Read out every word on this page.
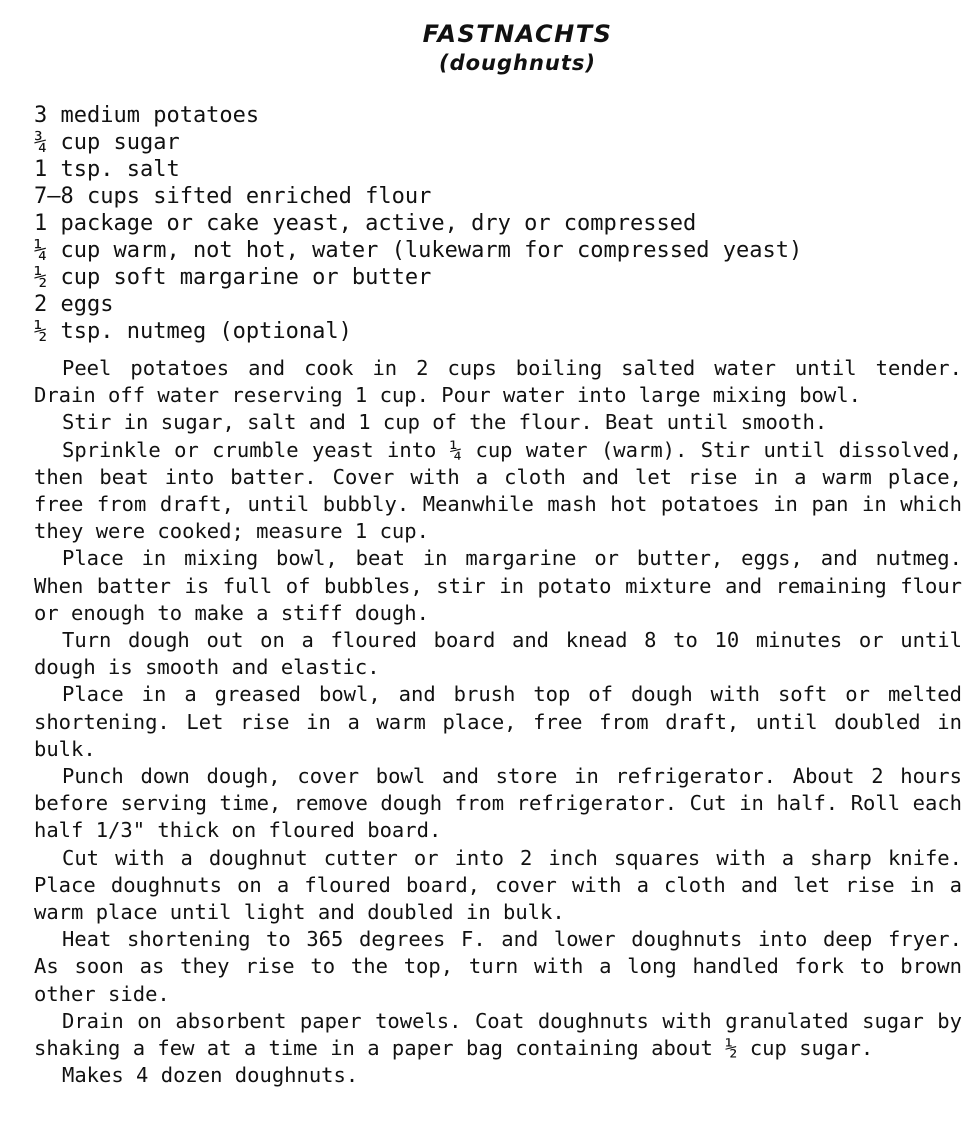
FASTNACHTS
(doughnuts)
3 medium potatoes
¾ cup sugar
1 tsp. salt
7—8 cups sifted enriched flour
1 package or cake yeast, active, dry or compressed
¼ cup warm, not hot, water (lukewarm for compressed yeast)
½ cup soft margarine or butter
2 eggs
½ tsp. nutmeg (optional)

Peel potatoes and cook in 2 cups boiling salted water until tender. Drain off water reserving 1 cup. Pour water into large mixing bowl.

Stir in sugar, salt and 1 cup of the flour. Beat until smooth.

Sprinkle or crumble yeast into ¼ cup water (warm). Stir until dissolved, then beat into batter. Cover with a cloth and let rise in a warm place, free from draft, until bubbly. Meanwhile mash hot potatoes in pan in which they were cooked; measure 1 cup.

Place in mixing bowl, beat in margarine or butter, eggs, and nutmeg. When batter is full of bubbles, stir in potato mixture and remaining flour or enough to make a stiff dough.

Turn dough out on a floured board and knead 8 to 10 minutes or until dough is smooth and elastic.

Place in a greased bowl, and brush top of dough with soft or melted shortening. Let rise in a warm place, free from draft, until doubled in bulk.

Punch down dough, cover bowl and store in refrigerator. About 2 hours before serving time, remove dough from refrigerator. Cut in half. Roll each half 1/3" thick on floured board.

Cut with a doughnut cutter or into 2 inch squares with a sharp knife. Place doughnuts on a floured board, cover with a cloth and let rise in a warm place until light and doubled in bulk.

Heat shortening to 365 degrees F. and lower doughnuts into deep fryer. As soon as they rise to the top, turn with a long handled fork to brown other side.

Drain on absorbent paper towels. Coat doughnuts with granulated sugar by shaking a few at a time in a paper bag containing about ½ cup sugar.

Makes 4 dozen doughnuts.
